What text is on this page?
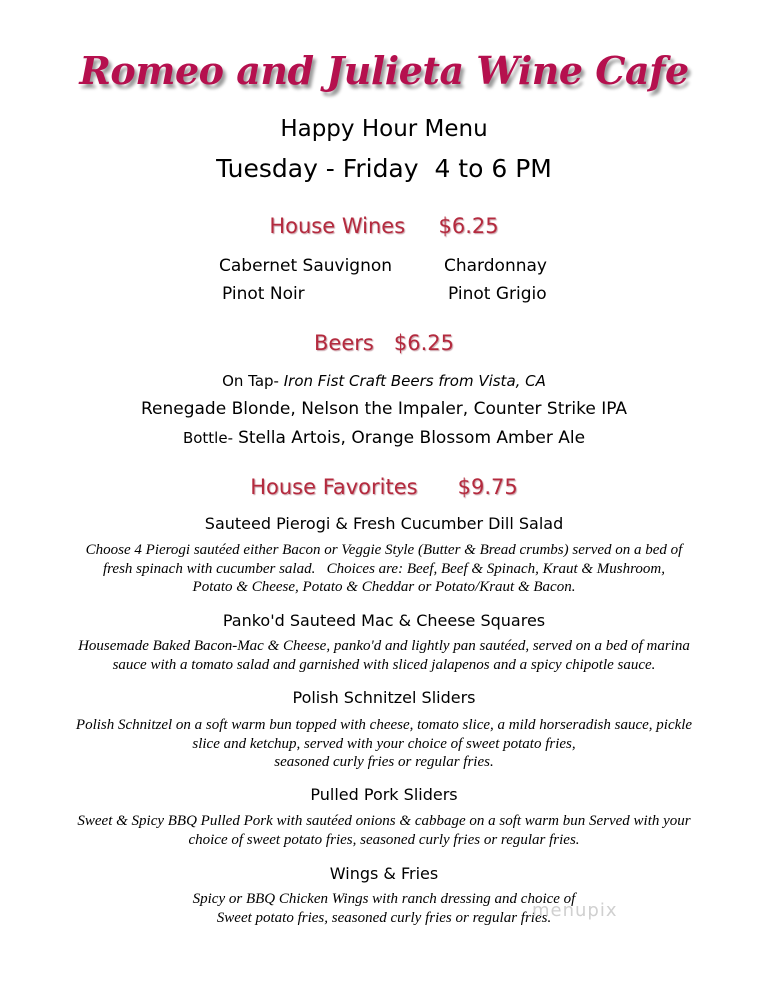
Romeo and Julieta Wine Cafe
Happy Hour Menu
Tuesday - Friday  4 to 6 PM
House Wines $6.25
Cabernet Sauvignon	Chardonnay
Pinot Noir	Pinot Grigio
Beers $6.25
On Tap- Iron Fist Craft Beers from Vista, CA
Renegade Blonde, Nelson the Impaler, Counter Strike IPA
Bottle- Stella Artois, Orange Blossom Amber Ale
House Favorites $9.75
Sauteed Pierogi & Fresh Cucumber Dill Salad
Choose 4 Pierogi sautéed either Bacon or Veggie Style (Butter & Bread crumbs) served on a bed of
fresh spinach with cucumber salad.   Choices are: Beef, Beef & Spinach, Kraut & Mushroom,
Potato & Cheese, Potato & Cheddar or Potato/Kraut & Bacon.
Panko'd Sauteed Mac & Cheese Squares
Housemade Baked Bacon-Mac & Cheese, panko'd and lightly pan sautéed, served on a bed of marina
sauce with a tomato salad and garnished with sliced jalapenos and a spicy chipotle sauce.
Polish Schnitzel Sliders
Polish Schnitzel on a soft warm bun topped with cheese, tomato slice, a mild horseradish sauce, pickle
slice and ketchup, served with your choice of sweet potato fries,
seasoned curly fries or regular fries.
Pulled Pork Sliders
Sweet & Spicy BBQ Pulled Pork with sautéed onions & cabbage on a soft warm bun Served with your
choice of sweet potato fries, seasoned curly fries or regular fries.
Wings & Fries
Spicy or BBQ Chicken Wings with ranch dressing and choice of
Sweet potato fries, seasoned curly fries or regular fries.
menupix
